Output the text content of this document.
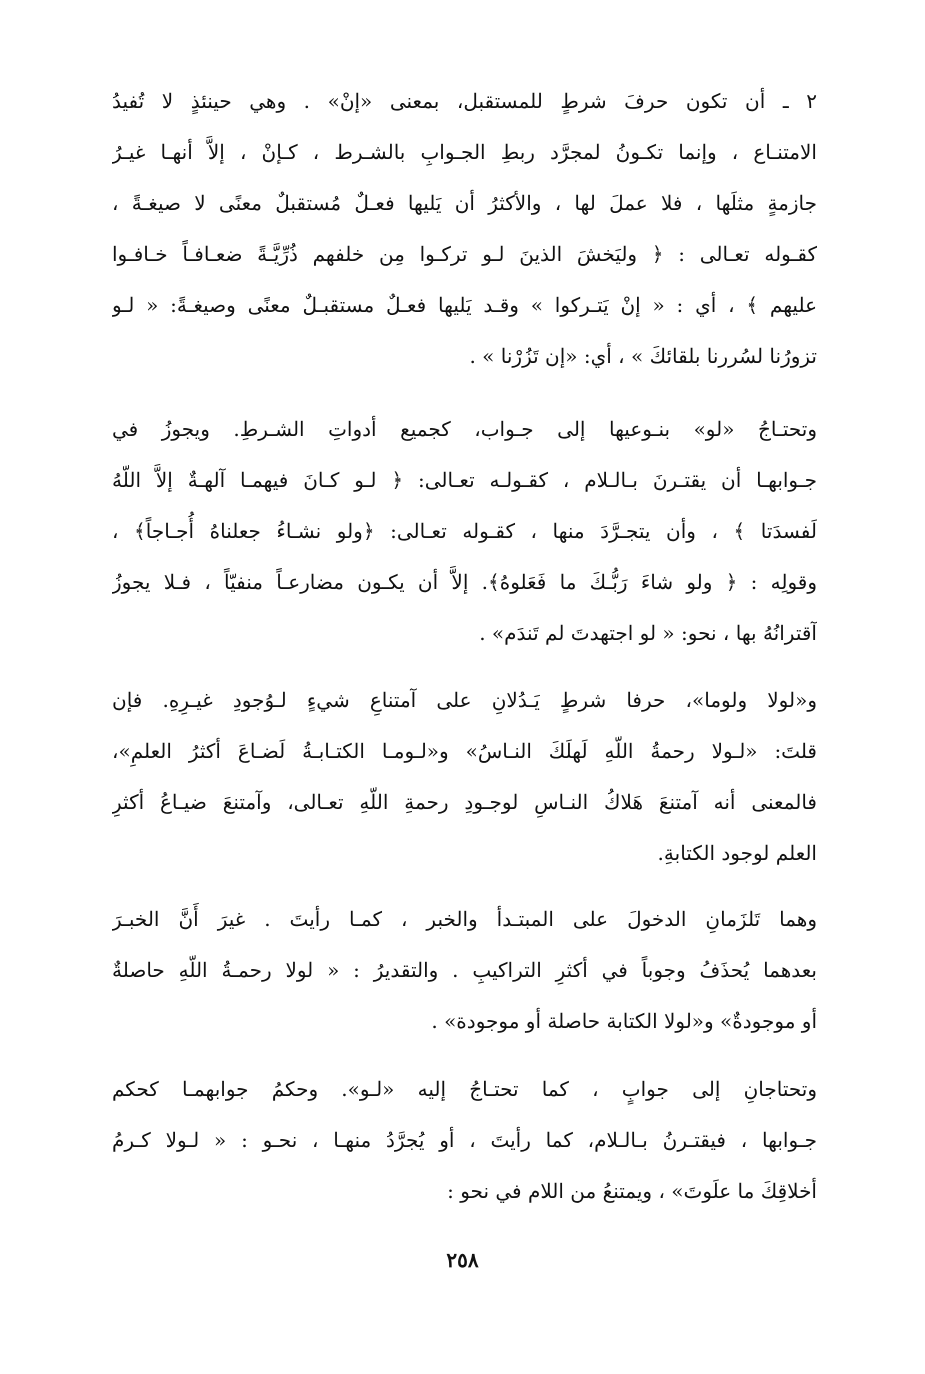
٢ ـ أن تكون حرفَ شرطٍ للمستقبل، بمعنى «إنْ» . وهي حينئذٍ لا تُفيدُ
الامتنـاع ، وإنما تكـونُ لمجرَّد ربطِ الجـوابِ بالشـرط ، كـإنْ ، إلاَّ أنهـا غيـرُ
جازمةٍ مثلَها ، فلا عملَ لها ، والأكثرُ أن يَليها فعـلٌ مُستقبلٌ معنًى لا صيغـةً ،
كقـوله تعـالى : ﴿ وليَخشَ الذينَ لـو تركـوا مِن خلفهم ذُرِّيَّـةً ضعـافـاً خـافـوا
عليهم ﴾ ، أي : « إنْ يَتـركوا » وقـد يَليها فعـلٌ مستقبـلٌ معنًى وصيغـةً: « لـو
تزورُنا لسُررنا بلقائكَ » ، أي: «إن تَزُرْنا » .

وتحتـاجُ «لو» بنـوعيها إلى جـواب، كجميع أدواتِ الشـرطِ. ويجوزُ في
جـوابهـا أن يقتـرنَ بـالـلام ، كقـولـه تعـالى: ﴿ لـو كـانَ فيهمـا آلهـةٌ إلاَّ اللّهُ
لَفسدَتا ﴾ ، وأن يتجـرَّدَ منها ، كقـوله تعـالى: ﴿ولو نشـاءُ جعلناهُ أُجـاجاً﴾ ،
وقولِه : ﴿ ولو شاءَ رَبُّـكَ ما فَعَلوهُ﴾. إلاَّ أن يكـون مضارعـاً منفيّاً ، فـلا يجوزُ
آقترانُهُ بها ، نحو: « لو اجتهدتَ لم تَندَم» .

و«لولا ولوما»، حرفا شرطٍ يَـدُلانِ على آمتناعِ شيءٍ لـوُجودِ غيـرِهِ. فإن
قلتَ: «لـولا رحمةُ اللّهِ لَهلَكَ النـاسُ» و«لـومـا الكتـابـةُ لَضـاعَ أكثرُ العلمِ»،
فالمعنى أنه آمتنعَ هَلاكُ النـاسِ لوجـودِ رحمةِ اللّهِ تعـالى، وآمتنعَ ضيـاعُ أكثرِ
العلم لوجود الكتابةِ.

وهما تَلزَمانِ الدخولَ على المبتـدأ والخبر ، كمـا رأيتَ . غيرَ أَنَّ الخبـرَ
بعدهما يُحذَفُ وجوباً في أكثرِ التراكيبِ . والتقديرُ : « لولا رحمـةُ اللّهِ حاصلةٌ
أو موجودةٌ» و«لولا الكتابة حاصلة أو موجودة» .

وتحتاجانِ إلى جوابٍ ، كما تحتـاجُ إليه «لـو». وحكمُ جوابهمـا كحكم
جـوابها ، فيقتـرنُ بـالـلام، كما رأيتَ ، أو يُجرَّدُ منهـا ، نحـو : « لـولا كـرمُ
أخلاقِكَ ما علَوتَ» ، ويمتنعُ من اللام في نحو :

٢٥٨
